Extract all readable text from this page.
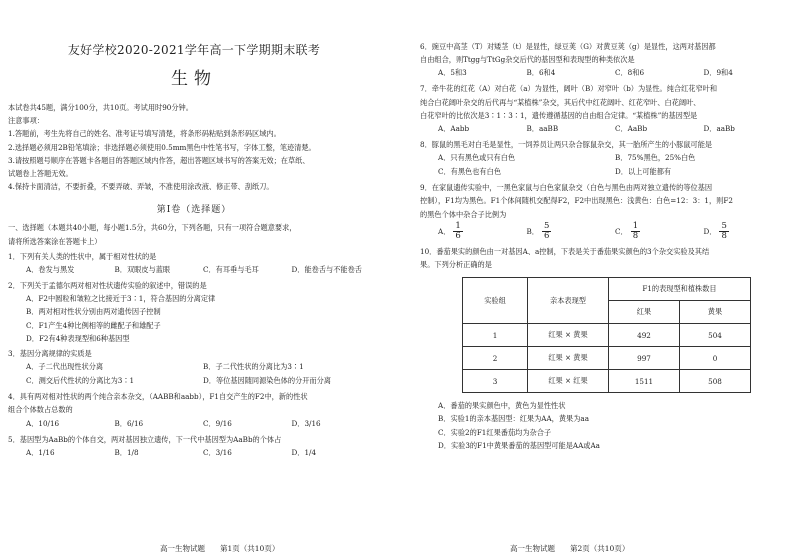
友好学校2020-2021学年高一下学期期末联考
生物
本试卷共45题，满分100分，共10页。考试用时90分钟。
注意事项：
1.答题前，考生先将自己的姓名、准考证号填写清楚，将条形码粘贴到条形码区域内。
2.选择题必须用2B铅笔填涂；非选择题必须使用0.5mm黑色中性笔书写，字体工整，笔迹清楚。
3.请按照题号顺序在答题卡各题目的答题区域内作答，超出答题区域书写的答案无效；在草纸、
试题卷上答题无效。
4.保持卡面清洁，不要折叠，不要弄破、弄皱，不准使用涂改液、修正带、刮纸刀。
第Ⅰ卷（选择题）
一、选择题（本题共40小题，每小题1.5分，共60分，下列各题，只有一项符合题意要求，
请将所选答案涂在答题卡上）
1．下列有关人类的性状中，属于相对性状的是
A．卷发与黑发	B．双眼皮与蓝眼	C．有耳垂与毛耳	D．能卷舌与不能卷舌
2．下列关于孟德尔两对相对性状遗传实验的叙述中，错误的是
A．F2中圆粒和皱粒之比接近于3∶1，符合基因的分离定律
B．两对相对性状分别由两对遗传因子控制
C．F1产生4种比例相等的雌配子和雄配子
D．F2有4种表现型和6种基因型
3．基因分离规律的实质是
A．子二代出现性状分离	B．子二代性状的分离比为3∶1
C．测交后代性状的分离比为3∶1	D．等位基因随同源染色体的分开而分离
4．具有两对相对性状的两个纯合亲本杂交，（AABB和aabb），F1自交产生的F2中，新的性状
组合个体数占总数的
A．10/16	B．6/16	C．9/16	D．3/16
5．基因型为AaBb的个体自交，两对基因独立遗传，下一代中基因型为AaBb的个体占
A．1/16	B．1/8	C．3/16	D．1/4
高一生物试题　　第1页（共10页）
6．豌豆中高茎（T）对矮茎（t）是显性，绿豆荚（G）对黄豆荚（g）是显性，这两对基因都
自由组合，则Ttgg与TtGg杂交后代的基因型和表现型的种类依次是
A．5和3	B．6和4	C．8和6	D．9和4
7．牵牛花的红花（A）对白花（a）为显性，阔叶（B）对窄叶（b）为显性。纯合红花窄叶和
纯合白花阔叶杂交的后代再与“某植株”杂交，其后代中红花阔叶、红花窄叶、白花阔叶、
白花窄叶的比依次是3∶1∶3∶1，遗传遵循基因的自由组合定律。“某植株”的基因型是
A．Aabb	B．aaBB	C．AaBb	D．aaBb
8．豚鼠的黑毛对白毛是显性，一饲养员让两只杂合豚鼠杂交，其一胎所产生的小豚鼠可能是
A．只有黑色或只有白色	B．75%黑色，25%白色
C．有黑色也有白色	D．以上可能都有
9．在家鼠遗传实验中，一黑色家鼠与白色家鼠杂交（白色与黑色由两对独立遗传的等位基因
控制），F1均为黑色。F1个体间随机交配得F2，F2中出现黑色：浅黄色：白色=12：3：1，则F2
的黑色个体中杂合子比例为
A． $\frac{1}{6}$	B． $\frac{5}{6}$	C． $\frac{1}{8}$	D． $\frac{5}{8}$
10．番茄果实的颜色由一对基因A、a控制，下表是关于番茄果实颜色的3个杂交实验及其结
果。下列分析正确的是
实验组	亲本表现型	F1的表现型和植株数目	
		红果	黄果
1	红果 × 黄果	492	504
2	红果 × 黄果	997	0
3	红果 × 红果	1511	508
A．番茄的果实颜色中，黄色为显性性状
B．实验1的亲本基因型：红果为AA，黄果为aa
C．实验2的F1红果番茄均为杂合子
D．实验3的F1中黄果番茄的基因型可能是AA或Aa
高一生物试题　　第2页（共10页）
